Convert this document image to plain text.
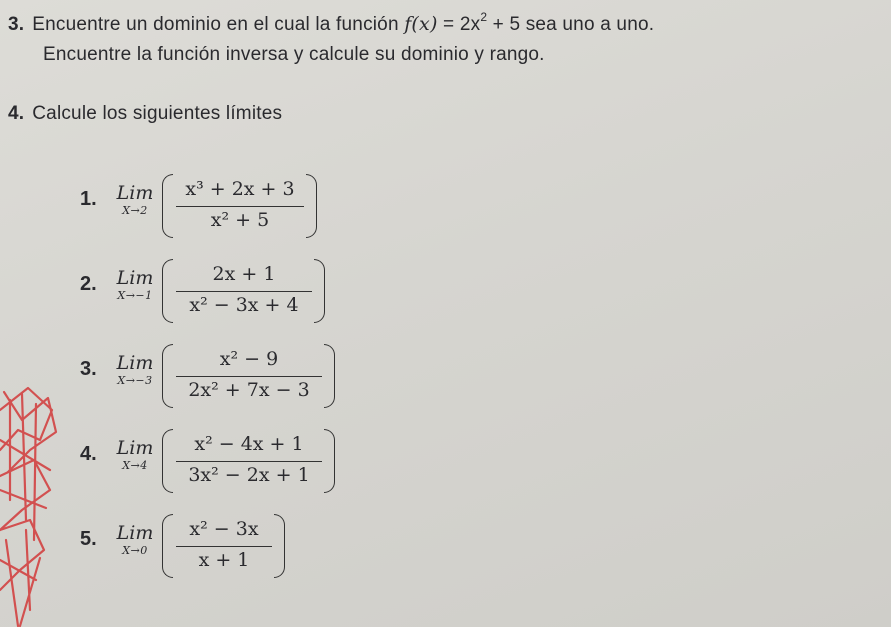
3. Encuentre un dominio en el cual la función $f(x) = 2x^2 + 5$ sea uno a uno.
Encuentre la función inversa y calcule su dominio y rango.
4. Calcule los siguientes límites
1. Lim
X→2
x³ + 2x + 3
x² + 5
2. Lim
X→−1
2x + 1
x² − 3x + 4
3. Lim
X→−3
x² − 9
2x² + 7x − 3
4. Lim
X→4
x² − 4x + 1
3x² − 2x + 1
5. Lim
X→0
x² − 3x
x + 1
